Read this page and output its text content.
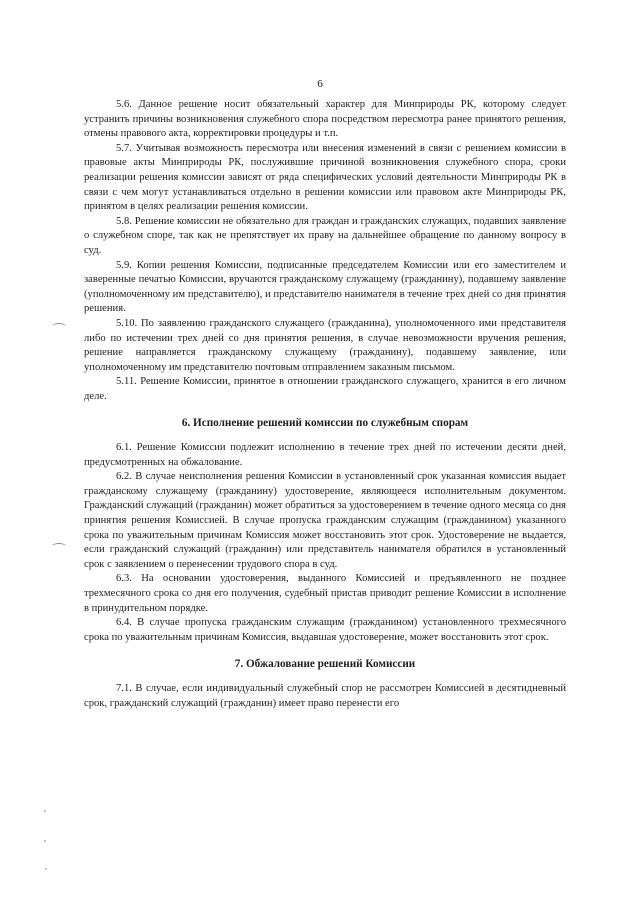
6

5.6. Данное решение носит обязательный характер для Минприроды РК, которому следует устранить причины возникновения служебного спора посредством пересмотра ранее принятого решения, отмены правового акта, корректировки процедуры и т.п.

5.7. Учитывая возможность пересмотра или внесения изменений в связи с решением комиссии в правовые акты Минприроды РК, послужившие причиной возникновения служебного спора, сроки реализации решения комиссии зависят от ряда специфических условий деятельности Минприроды РК в связи с чем могут устанавливаться отдельно в решении комиссии или правовом акте Минприроды РК, принятом в целях реализации решения комиссии.

5.8. Решение комиссии не обязательно для граждан и гражданских служащих, подавших заявление о служебном споре, так как не препятствует их праву на дальнейшее обращение по данному вопросу в суд.

5.9. Копии решения Комиссии, подписанные председателем Комиссии или его заместителем и заверенные печатью Комиссии, вручаются гражданскому служащему (гражданину), подавшему заявление (уполномоченному им представителю), и представителю нанимателя в течение трех дней со дня принятия решения.

5.10. По заявлению гражданского служащего (гражданина), уполномоченного ими представителя либо по истечении трех дней со дня принятия решения, в случае невозможности вручения решения, решение направляется гражданскому служащему (гражданину), подавшему заявление, или уполномоченному им представителю почтовым отправлением заказным письмом.

5.11. Решение Комиссии, принятое в отношении гражданского служащего, хранится в его личном деле.

6. Исполнение решений комиссии по служебным спорам

6.1. Решение Комиссии подлежит исполнению в течение трех дней по истечении десяти дней, предусмотренных на обжалование.

6.2. В случае неисполнения решения Комиссии в установленный срок указанная комиссия выдает гражданскому служащему (гражданину) удостоверение, являющееся исполнительным документом. Гражданский служащий (гражданин) может обратиться за удостоверением в течение одного месяца со дня принятия решения Комиссией. В случае пропуска гражданским служащим (гражданином) указанного срока по уважительным причинам Комиссия может восстановить этот срок. Удостоверение не выдается, если гражданский служащий (гражданин) или представитель нанимателя обратился в установленный срок с заявлением о перенесении трудового спора в суд.

6.3. На основании удостоверения, выданного Комиссией и предъявленного не позднее трехмесячного срока со дня его получения, судебный пристав приводит решение Комиссии в исполнение в принудительном порядке.

6.4. В случае пропуска гражданским служащим (гражданином) установленного трехмесячного срока по уважительным причинам Комиссия, выдавшая удостоверение, может восстановить этот срок.

7. Обжалование решений Комиссии

7.1. В случае, если индивидуальный служебный спор не рассмотрен Комиссией в десятидневный срок, гражданский служащий (гражданин) имеет право перенести его
